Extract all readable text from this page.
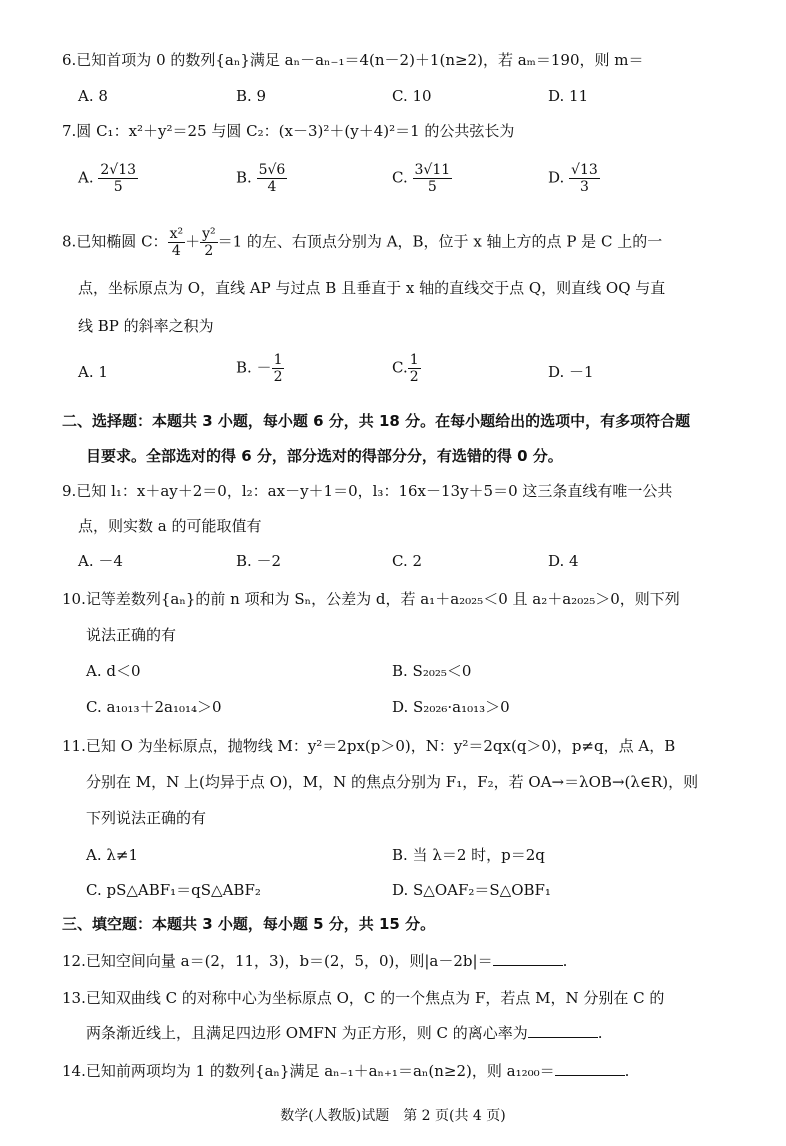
6.已知首项为 0 的数列{aₙ}满足 aₙ－aₙ₋₁＝4(n－2)＋1(n≥2)，若 aₘ＝190，则 m＝
A. 8	B. 9	C. 10	D. 11
7.圆 C₁：x²＋y²＝25 与圆 C₂：(x－3)²＋(y＋4)²＝1 的公共弦长为
A. $\frac{2√13}{5}$	B. $\frac{5√6}{4}$	C. $\frac{3√11}{5}$	D. $\frac{√13}{3}$
8.已知椭圆 C： $\frac{\text{x²}}{4} + \frac{\text{y²}}{2} =1$ 的左、右顶点分别为 A，B，位于 x 轴上方的点 P 是 C 上的一
点，坐标原点为 O，直线 AP 与过点 B 且垂直于 x 轴的直线交于点 Q，则直线 OQ 与直
线 BP 的斜率之积为
A. 1	B. － $\frac{1}{2}$	C. $\frac{1}{2}$	D. －1
二、选择题：本题共 3 小题，每小题 6 分，共 18 分。在每小题给出的选项中，有多项符合题
目要求。全部选对的得 6 分，部分选对的得部分分，有选错的得 0 分。
9.已知 l₁：x＋ay＋2＝0，l₂：ax－y＋1＝0，l₃：16x－13y＋5＝0 这三条直线有唯一公共
点，则实数 a 的可能取值有
A. －4	B. －2	C. 2	D. 4
10.记等差数列{aₙ}的前 n 项和为 Sₙ，公差为 d，若 a₁＋a₂₀₂₅＜0 且 a₂＋a₂₀₂₅＞0，则下列
说法正确的有
A. d＜0	B. S₂₀₂₅＜0
C. a₁₀₁₃＋2a₁₀₁₄＞0	D. S₂₀₂₆·a₁₀₁₃＞0
11.已知 O 为坐标原点，抛物线 M：y²＝2px(p＞0)，N：y²＝2qx(q＞0)，p≠q，点 A，B
分别在 M，N 上(均异于点 O)，M，N 的焦点分别为 F₁，F₂，若 OA→＝λOB→(λ∈R)，则
下列说法正确的有
A. λ≠1	B. 当 λ＝2 时，p＝2q
C. pS△ABF₁＝qS△ABF₂	D. S△OAF₂＝S△OBF₁
三、填空题：本题共 3 小题，每小题 5 分，共 15 分。
12.已知空间向量 a＝(2，11，3)，b＝(2，5，0)，则|a－2b|＝	.
13.已知双曲线 C 的对称中心为坐标原点 O，C 的一个焦点为 F，若点 M，N 分别在 C 的
两条渐近线上，且满足四边形 OMFN 为正方形，则 C 的离心率为	.
14.已知前两项均为 1 的数列{aₙ}满足 aₙ₋₁＋aₙ₊₁＝aₙ(n≥2)，则 a₁₂₀₀＝	.
数学(人教版)试题　第 2 页(共 4 页)
